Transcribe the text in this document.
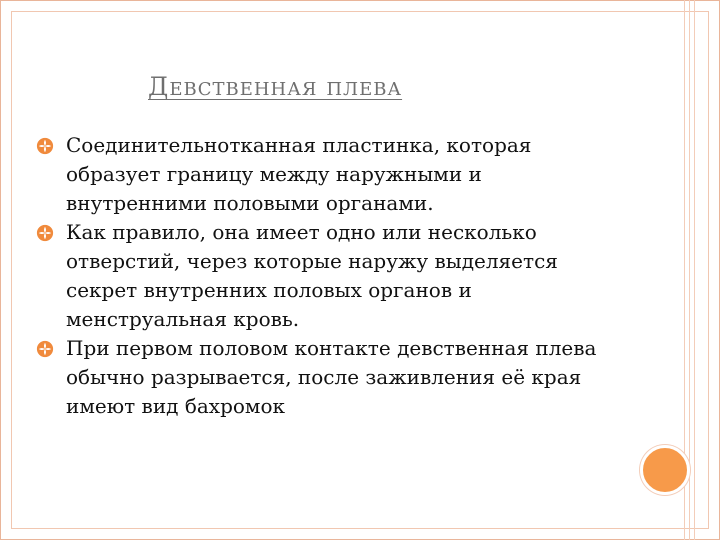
Девственная плева
Соединительнотканная пластинка, которая образует границу между наружными и внутренними половыми органами.
Как правило, она имеет одно или несколько отверстий, через которые наружу выделяется секрет внутренних половых органов и менструальная кровь.
При первом половом контакте девственная плева обычно разрывается, после заживления её края имеют вид бахромок
